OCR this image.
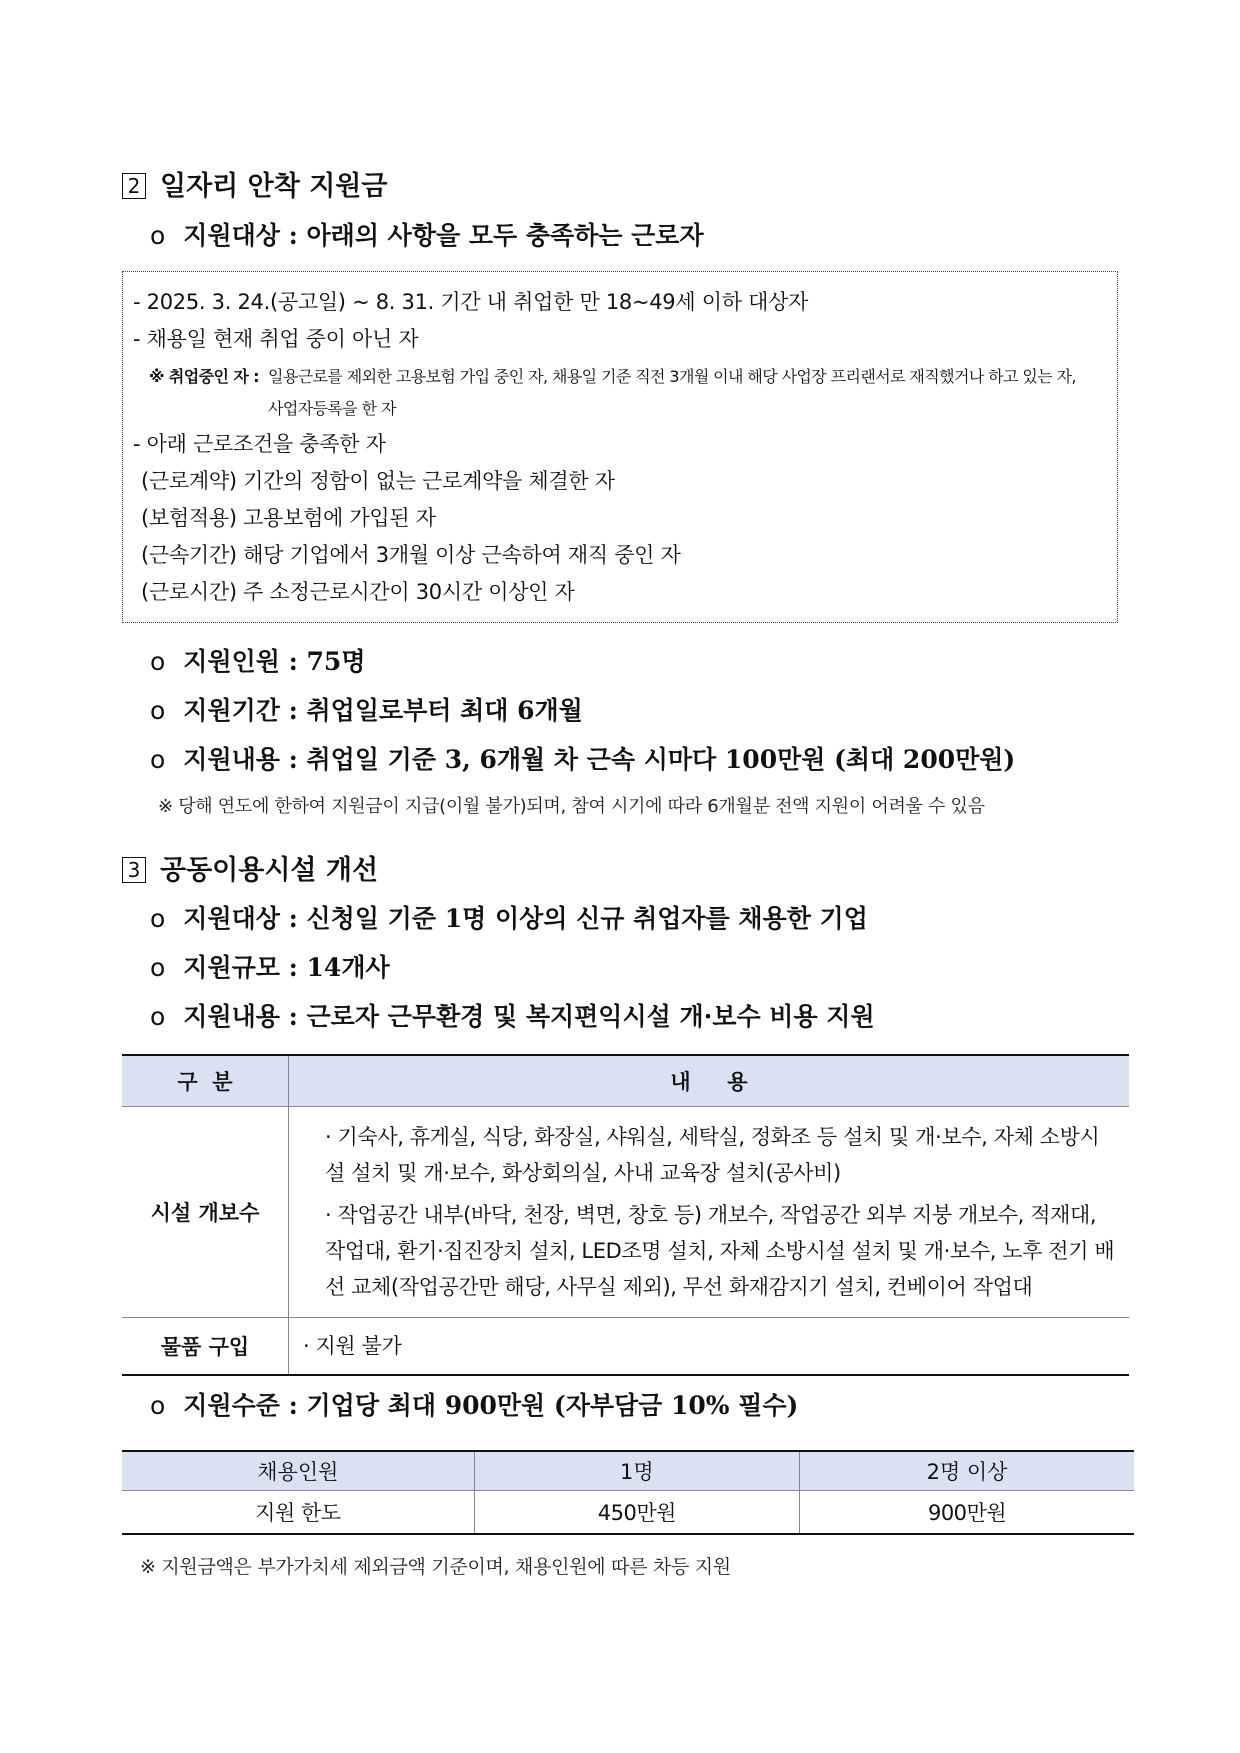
2 일자리 안착 지원금
o 지원대상 : 아래의 사항을 모두 충족하는 근로자
- 2025. 3. 24.(공고일) ~ 8. 31. 기간 내 취업한 만 18~49세 이하 대상자
- 채용일 현재 취업 중이 아닌 자
※ 취업중인 자 : 일용근로를 제외한 고용보험 가입 중인 자, 채용일 기준 직전 3개월 이내 해당 사업장 프리랜서로 재직했거나 하고 있는 자,
사업자등록을 한 자
- 아래 근로조건을 충족한 자
(근로계약) 기간의 정함이 없는 근로계약을 체결한 자
(보험적용) 고용보험에 가입된 자
(근속기간) 해당 기업에서 3개월 이상 근속하여 재직 중인 자
(근로시간) 주 소정근로시간이 30시간 이상인 자
o 지원인원 : 75명
o 지원기간 : 취업일로부터 최대 6개월
o 지원내용 : 취업일 기준 3, 6개월 차 근속 시마다 100만원 (최대 200만원)
※ 당해 연도에 한하여 지원금이 지급(이월 불가)되며, 참여 시기에 따라 6개월분 전액 지원이 어려울 수 있음
3 공동이용시설 개선
o 지원대상 : 신청일 기준 1명 이상의 신규 취업자를 채용한 기업
o 지원규모 : 14개사
o 지원내용 : 근로자 근무환경 및 복지편익시설 개·보수 비용 지원
구  분	내     용
시설 개보수	· 기숙사, 휴게실, 식당, 화장실, 샤워실, 세탁실, 정화조 등 설치 및 개·보수, 자체 소방시설 설치 및 개·보수, 화상회의실, 사내 교육장 설치(공사비)
· 작업공간 내부(바닥, 천장, 벽면, 창호 등) 개보수, 작업공간 외부 지붕 개보수, 적재대, 작업대, 환기·집진장치 설치, LED조명 설치, 자체 소방시설 설치 및 개·보수, 노후 전기 배선 교체(작업공간만 해당, 사무실 제외), 무선 화재감지기 설치, 컨베이어 작업대

물품 구입	· 지원 불가
o 지원수준 : 기업당 최대 900만원 (자부담금 10% 필수)
채용인원	1명	2명 이상
지원 한도	450만원	900만원
※ 지원금액은 부가가치세 제외금액 기준이며, 채용인원에 따른 차등 지원
